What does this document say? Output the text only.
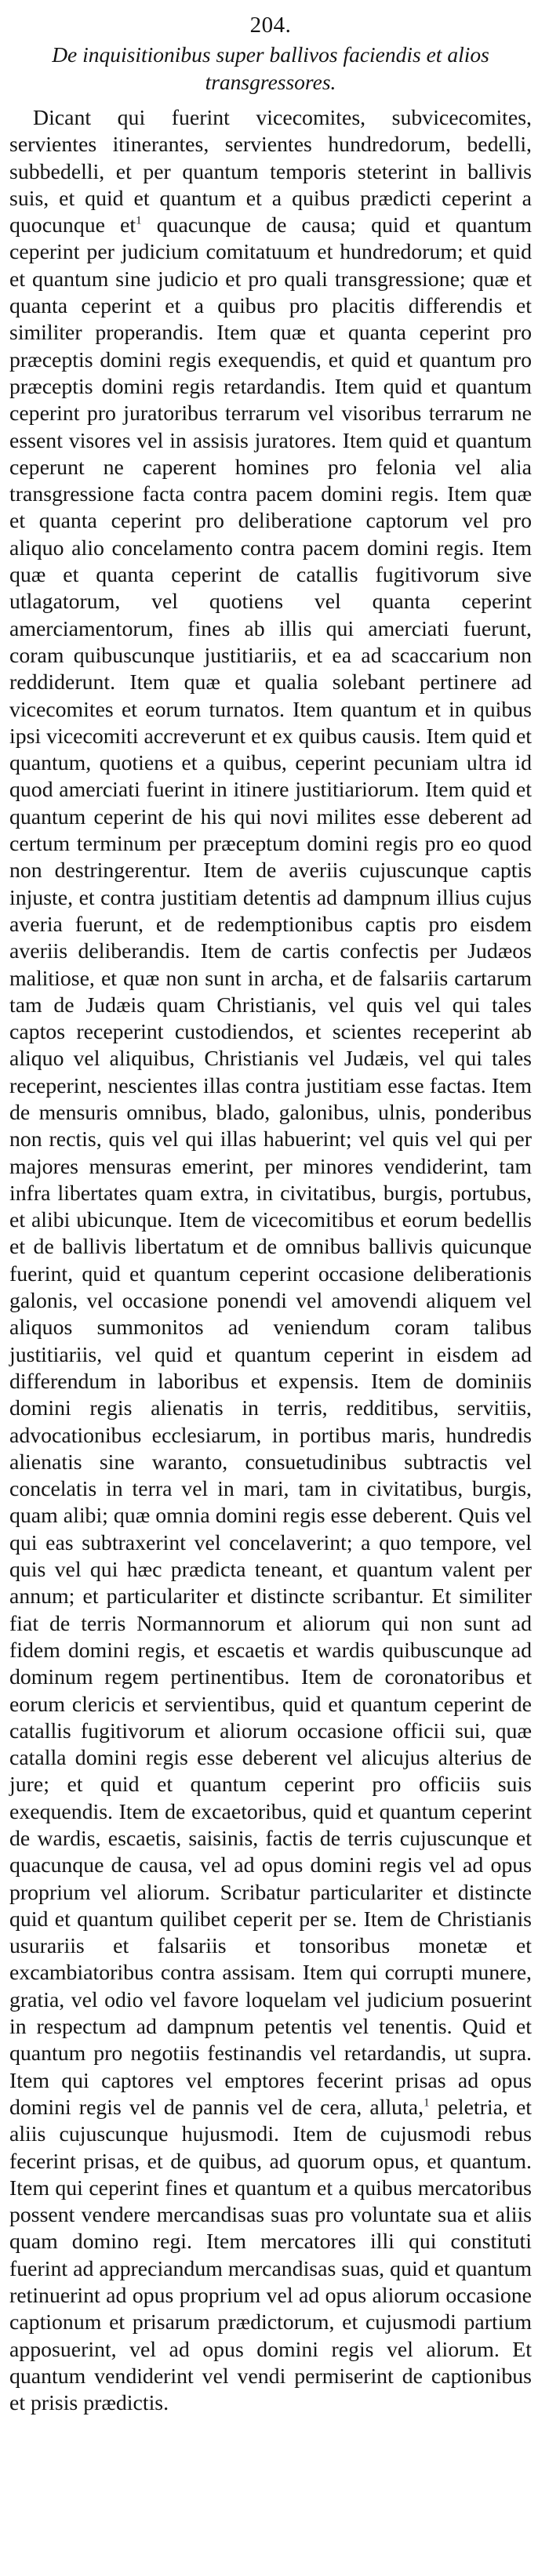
204.
De inquisitionibus super ballivos faciendis et alios transgressores.

Dicant qui fuerint vicecomites, subvicecomites, servientes itinerantes, servientes hundredorum, bedelli, subbedelli, et per quantum temporis steterint in ballivis suis, et quid et quantum et a quibus prædicti ceperint a quocunque et$^1$ quacunque de causa; quid et quantum ceperint per judicium comitatuum et hundredorum; et quid et quantum sine judicio et pro quali transgressione; quæ et quanta ceperint et a quibus pro placitis differendis et similiter properandis. Item quæ et quanta ceperint pro præceptis domini regis exequendis, et quid et quantum pro præceptis domini regis retardandis. Item quid et quantum ceperint pro juratoribus terrarum vel visoribus terrarum ne essent visores vel in assisis juratores. Item quid et quantum ceperunt ne caperent homines pro felonia vel alia transgressione facta contra pacem domini regis. Item quæ et quanta ceperint pro deliberatione captorum vel pro aliquo alio concelamento contra pacem domini regis. Item quæ et quanta ceperint de catallis fugitivorum sive utlagatorum, vel quotiens vel quanta ceperint amerciamentorum, fines ab illis qui amerciati fuerunt, coram quibuscunque justitiariis, et ea ad scaccarium non reddiderunt. Item quæ et qualia solebant pertinere ad vicecomites et eorum turnatos. Item quantum et in quibus ipsi vicecomiti accreverunt et ex quibus causis. Item quid et quantum, quotiens et a quibus, ceperint pecuniam ultra id quod amerciati fuerint in itinere justitiariorum. Item quid et quantum ceperint de his qui novi milites esse deberent ad certum terminum per præceptum domini regis pro eo quod non destringerentur. Item de averiis cujuscunque captis injuste, et contra justitiam detentis ad dampnum illius cujus averia fuerunt, et de redemptionibus captis pro eisdem averiis deliberandis. Item de cartis confectis per Judæos malitiose, et quæ non sunt in archa, et de falsariis cartarum tam de Judæis quam Christianis, vel quis vel qui tales captos receperint custodiendos, et scientes receperint ab aliquo vel aliquibus, Christianis vel Judæis, vel qui tales receperint, nescientes illas contra justitiam esse factas. Item de mensuris omnibus, blado, galonibus, ulnis, ponderibus non rectis, quis vel qui illas habuerint; vel quis vel qui per majores mensuras emerint, per minores vendiderint, tam infra libertates quam extra, in civitatibus, burgis, portubus, et alibi ubicunque. Item de vicecomitibus et eorum bedellis et de ballivis libertatum et de omnibus ballivis quicunque fuerint, quid et quantum ceperint occasione deliberationis galonis, vel occasione ponendi vel amovendi aliquem vel aliquos summonitos ad veniendum coram talibus justitiariis, vel quid et quantum ceperint in eisdem ad differendum in laboribus et expensis. Item de dominiis domini regis alienatis in terris, redditibus, servitiis, advocationibus ecclesiarum, in portibus maris, hundredis alienatis sine waranto, consuetudinibus subtractis vel concelatis in terra vel in mari, tam in civitatibus, burgis, quam alibi; quæ omnia domini regis esse deberent. Quis vel qui eas subtraxerint vel concelaverint; a quo tempore, vel quis vel qui hæc prædicta teneant, et quantum valent per annum; et particulariter et distincte scribantur. Et similiter fiat de terris Normannorum et aliorum qui non sunt ad fidem domini regis, et escaetis et wardis quibuscunque ad dominum regem pertinentibus. Item de coronatoribus et eorum clericis et servientibus, quid et quantum ceperint de catallis fugitivorum et aliorum occasione officii sui, quæ catalla domini regis esse deberent vel alicujus alterius de jure; et quid et quantum ceperint pro officiis suis exequendis. Item de excaetoribus, quid et quantum ceperint de wardis, escaetis, saisinis, factis de terris cujuscunque et quacunque de causa, vel ad opus domini regis vel ad opus proprium vel aliorum. Scribatur particulariter et distincte quid et quantum quilibet ceperit per se. Item de Christianis usurariis et falsariis et tonsoribus monetæ et excambiatoribus contra assisam. Item qui corrupti munere, gratia, vel odio vel favore loquelam vel judicium posuerint in respectum ad dampnum petentis vel tenentis. Quid et quantum pro negotiis festinandis vel retardandis, ut supra. Item qui captores vel emptores fecerint prisas ad opus domini regis vel de pannis vel de cera, alluta,$^1$ peletria, et aliis cujuscunque hujusmodi. Item de cujusmodi rebus fecerint prisas, et de quibus, ad quorum opus, et quantum. Item qui ceperint fines et quantum et a quibus mercatoribus possent vendere mercandisas suas pro voluntate sua et aliis quam domino regi. Item mercatores illi qui constituti fuerint ad appreciandum mercandisas suas, quid et quantum retinuerint ad opus proprium vel ad opus aliorum occasione captionum et prisarum prædictorum, et cujusmodi partium apposuerint, vel ad opus domini regis vel aliorum. Et quantum vendiderint vel vendi permiserint de captionibus et prisis prædictis.
